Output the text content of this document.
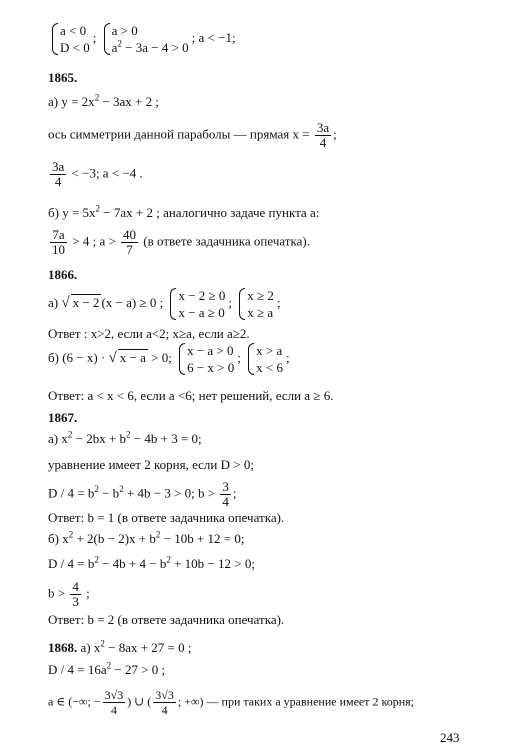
a < 0
D < 0
; a > 0
$a^2 - 3a - 4 > 0$
; a < −1;
1865.
а) $y = 2x^2 - 3ax + 2$ ;
ось симметрии данной параболы — прямая $x = \frac{3a}{4}$ ;
$\frac{3a}{4} < -3$; a < −4 .
б) $y = 5x^2 - 7ax + 2$ ; аналогично задаче пункта а:
$\frac{7a}{10} > 4$ ; $a > \frac{40}{7} (в$ ответе задачника опечатка).
1866.
а) √ x − 2 (x − a) ≥ 0 ; x − 2 ≥ 0
x − a ≥ 0
; x ≥ 2
x ≥ a
;
Ответ : x>2, если a<2; x≥a, если a≥2.
б) (6 − x) · √ x − a > 0; x − a > 0
6 − x > 0
; x > a
x < 6
;
Ответ: a < x < 6, если a <6; нет решений, если a ≥ 6.
1867.
а) $x^2 - 2bx + b^2 - 4b + 3 = 0$;
уравнение имеет 2 корня, если D > 0;
$D / 4 = b^2 - b^2 + 4b - 3 > 0$; $b > \frac{3}{4}$ ;
Ответ: b = 1 (в ответе задачника опечатка).
б) $x^2 + 2(b - 2)x + b^2 - 10b + 12 = 0$;
$D / 4 = b^2 - 4b + 4 - b^2 + 10b - 12 > 0$;
$b > \frac{4}{3}$ ;
Ответ: b = 2 (в ответе задачника опечатка).
1868. а) $x^2 - 8ax + 27 = 0$ ;
$D / 4 = 16a^2 - 27 > 0$ ;
a ∈ (−∞; − $\frac{3√3}{4}$ ) ∪ ( $\frac{3√3}{4}$ ; +∞) — при таких a уравнение имеет 2 корня;
243
